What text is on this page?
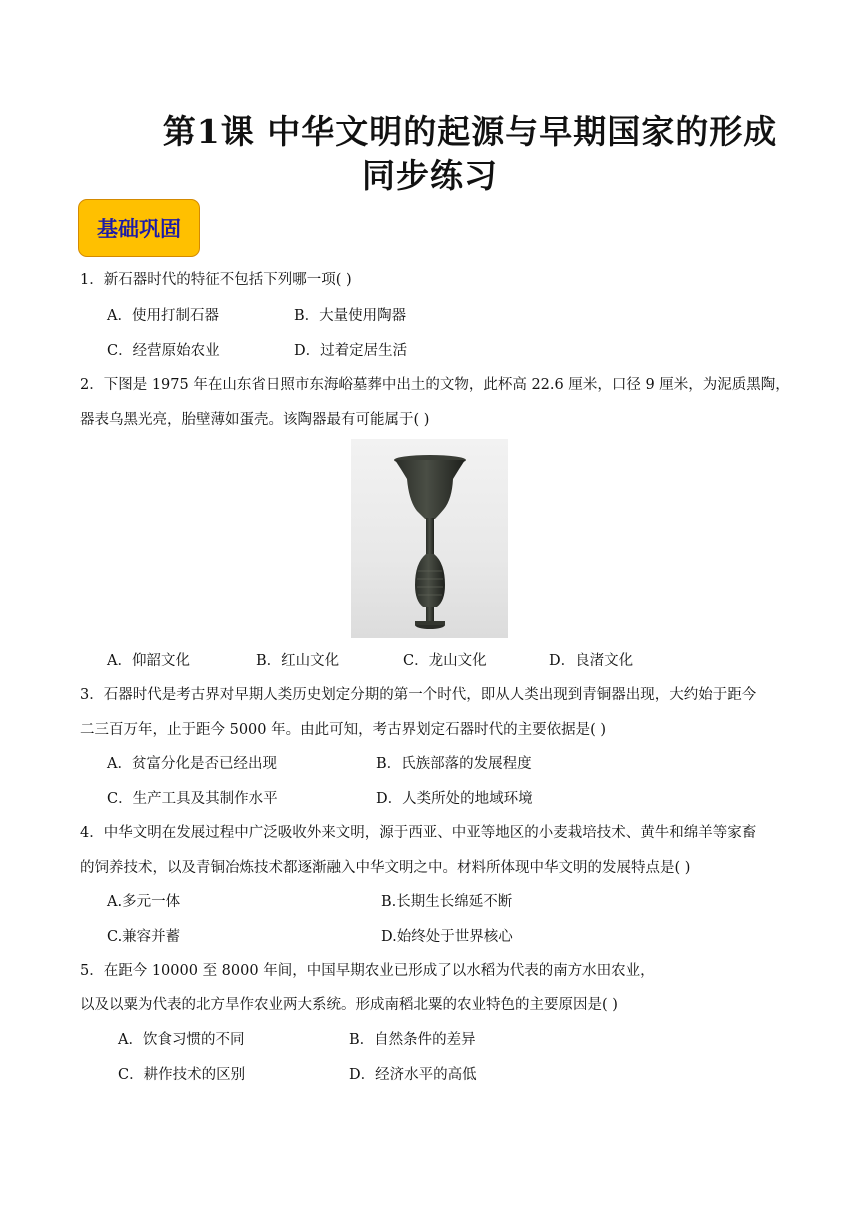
第1课 中华文明的起源与早期国家的形成
同步练习
基础巩固
1．新石器时代的特征不包括下列哪一项( )
A．使用打制石器	B．大量使用陶器
C．经营原始农业	D．过着定居生活
2．下图是 1975 年在山东省日照市东海峪墓葬中出土的文物，此杯高 22.6 厘米，口径 9 厘米，为泥质黑陶，
器表乌黑光亮，胎壁薄如蛋壳。该陶器最有可能属于( )
A．仰韶文化	B．红山文化	C．龙山文化	D．良渚文化
3．石器时代是考古界对早期人类历史划定分期的第一个时代，即从人类出现到青铜器出现，大约始于距今
二三百万年，止于距今 5000 年。由此可知，考古界划定石器时代的主要依据是( )
A．贫富分化是否已经出现	B．氏族部落的发展程度
C．生产工具及其制作水平	D．人类所处的地域环境
4．中华文明在发展过程中广泛吸收外来文明，源于西亚、中亚等地区的小麦栽培技术、黄牛和绵羊等家畜
的饲养技术，以及青铜冶炼技术都逐渐融入中华文明之中。材料所体现中华文明的发展特点是( )
A.多元一体	B.长期生长绵延不断
C.兼容并蓄	D.始终处于世界核心
5．在距今 10000 至 8000 年间，中国早期农业已形成了以水稻为代表的南方水田农业，
以及以粟为代表的北方旱作农业两大系统。形成南稻北粟的农业特色的主要原因是( )
A．饮食习惯的不同	B．自然条件的差异
C．耕作技术的区别	D．经济水平的高低
